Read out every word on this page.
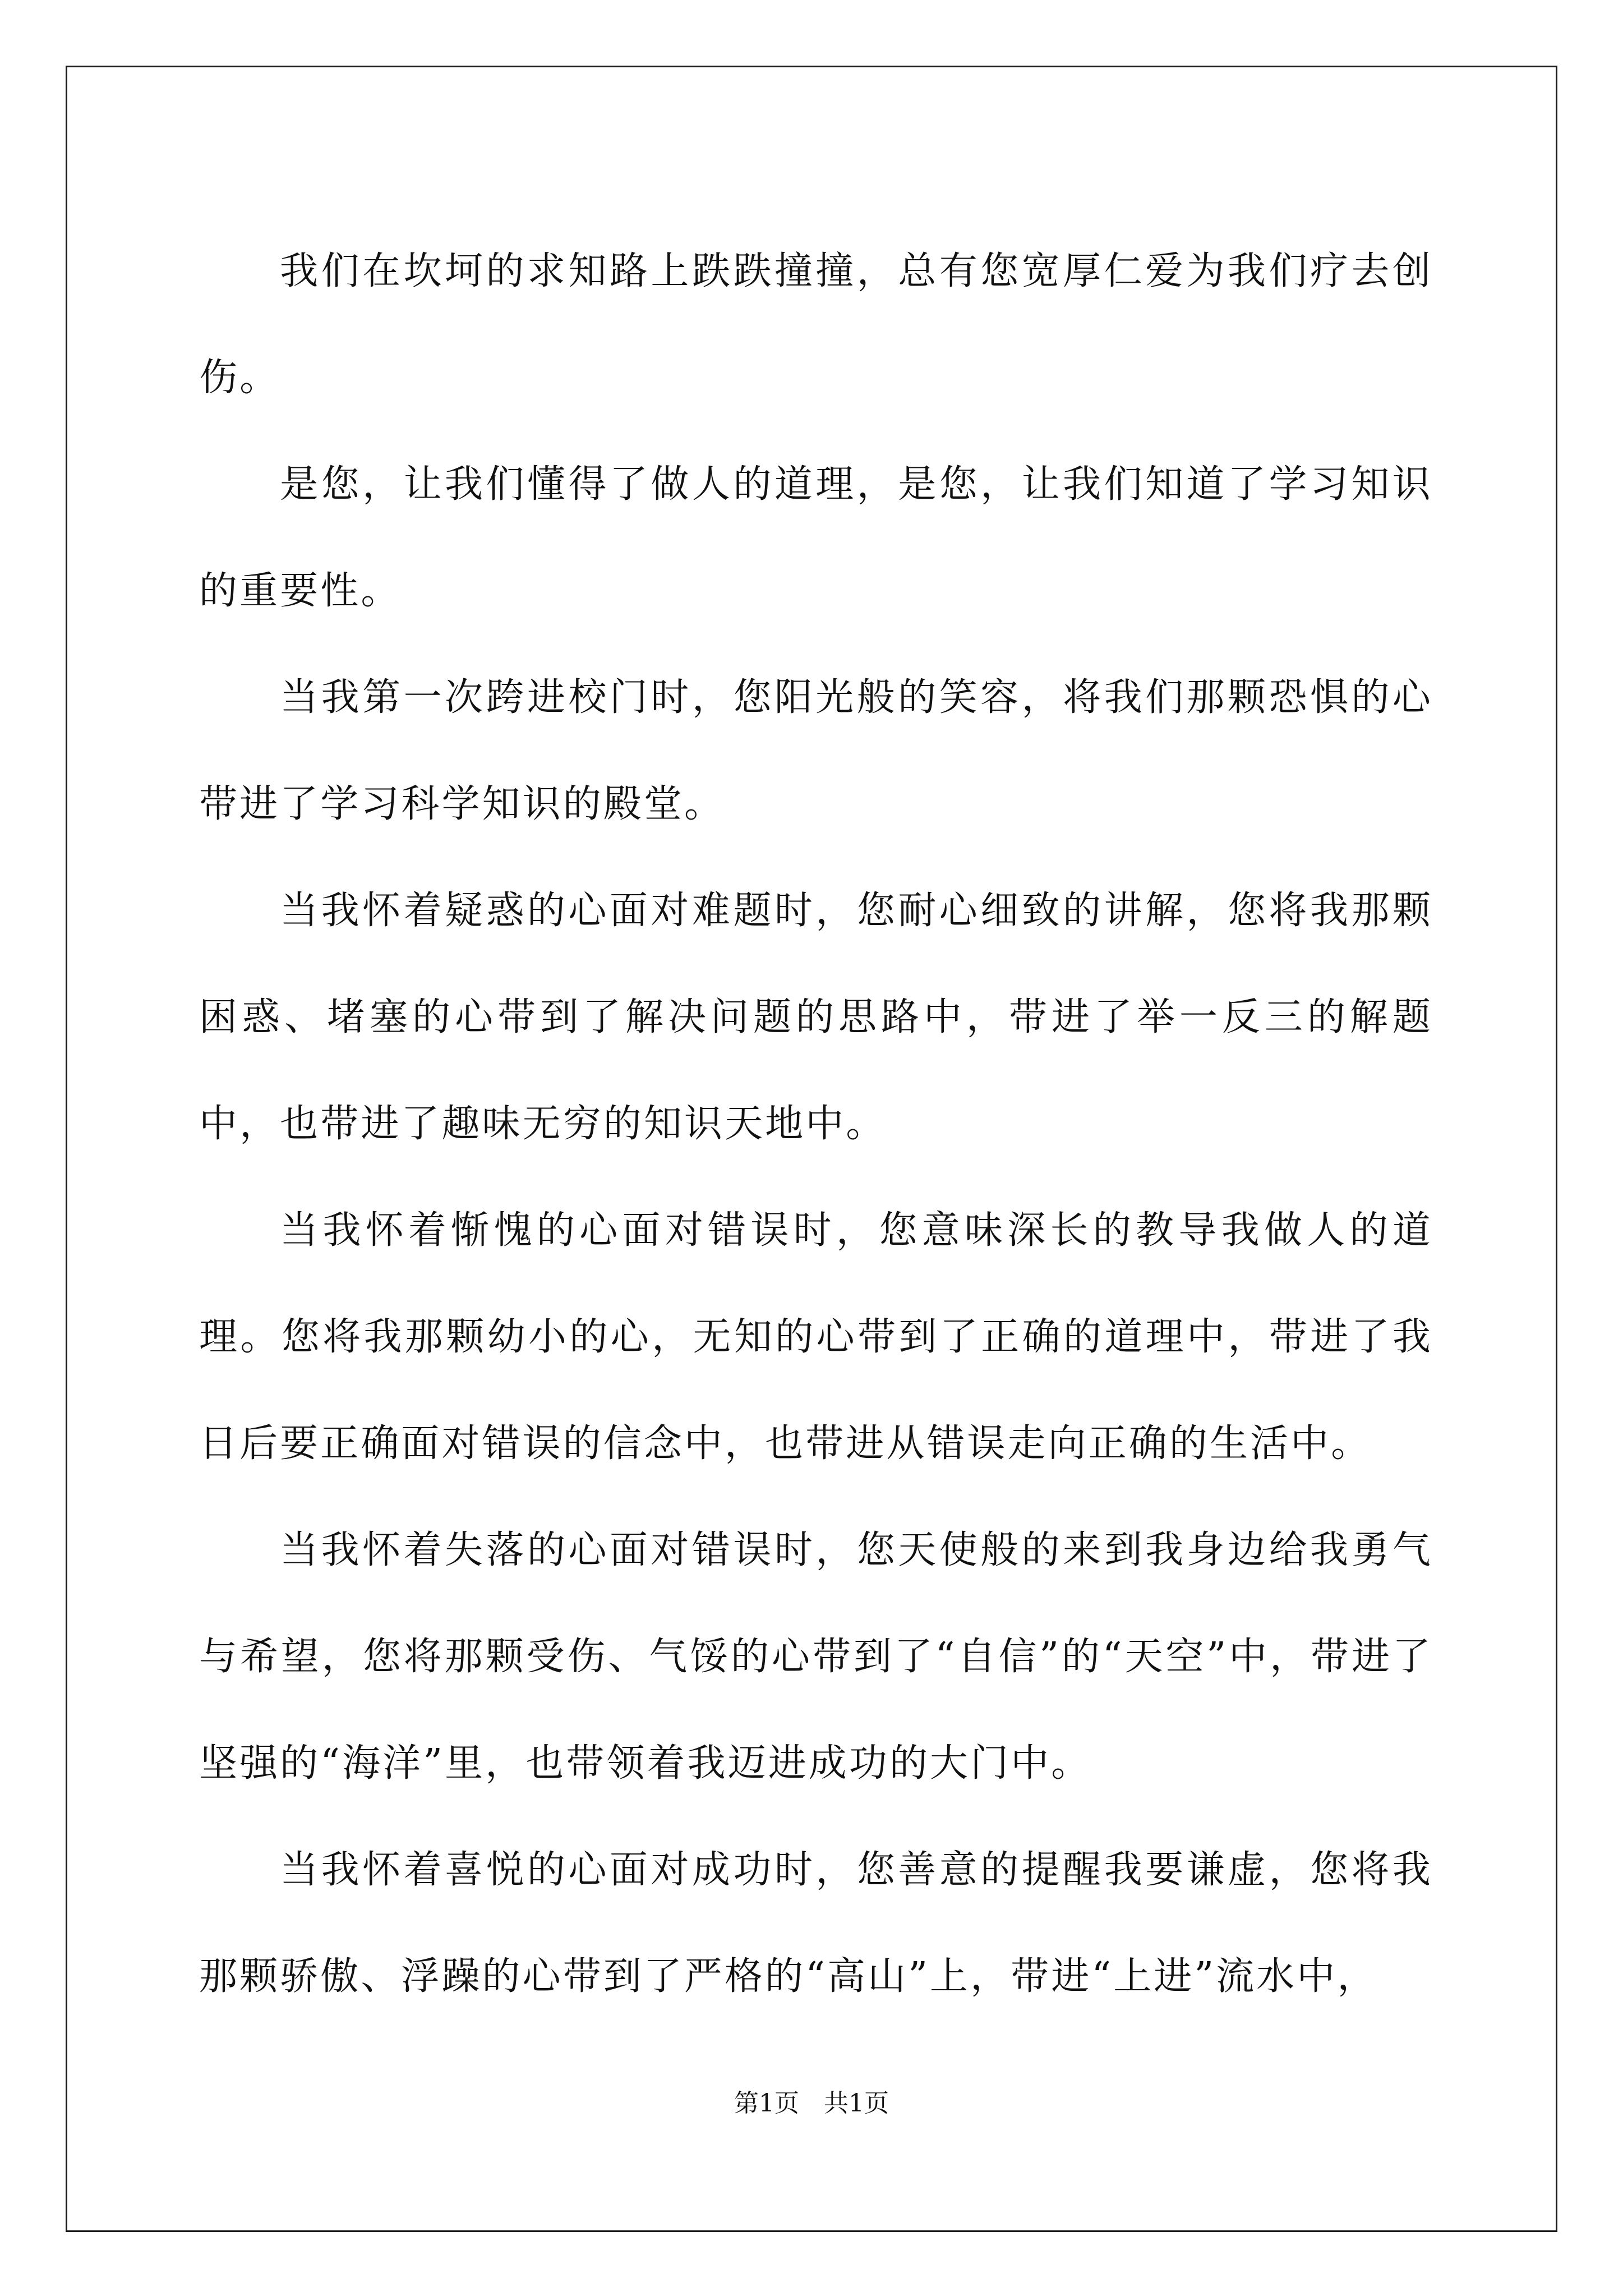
我们在坎坷的求知路上跌跌撞撞，总有您宽厚仁爱为我们疗去创伤。

是您，让我们懂得了做人的道理，是您，让我们知道了学习知识的重要性。

当我第一次跨进校门时，您阳光般的笑容，将我们那颗恐惧的心带进了学习科学知识的殿堂。

当我怀着疑惑的心面对难题时，您耐心细致的讲解，您将我那颗困惑、堵塞的心带到了解决问题的思路中，带进了举一反三的解题中，也带进了趣味无穷的知识天地中。

当我怀着惭愧的心面对错误时，您意味深长的教导我做人的道理。您将我那颗幼小的心，无知的心带到了正确的道理中，带进了我日后要正确面对错误的信念中，也带进从错误走向正确的生活中。

当我怀着失落的心面对错误时，您天使般的来到我身边给我勇气与希望，您将那颗受伤、气馁的心带到了“自信”的“天空”中，带进了坚强的“海洋”里，也带领着我迈进成功的大门中。

当我怀着喜悦的心面对成功时，您善意的提醒我要谦虚，您将我那颗骄傲、浮躁的心带到了严格的“高山”上，带进“上进”流水中，

第1页　共1页
